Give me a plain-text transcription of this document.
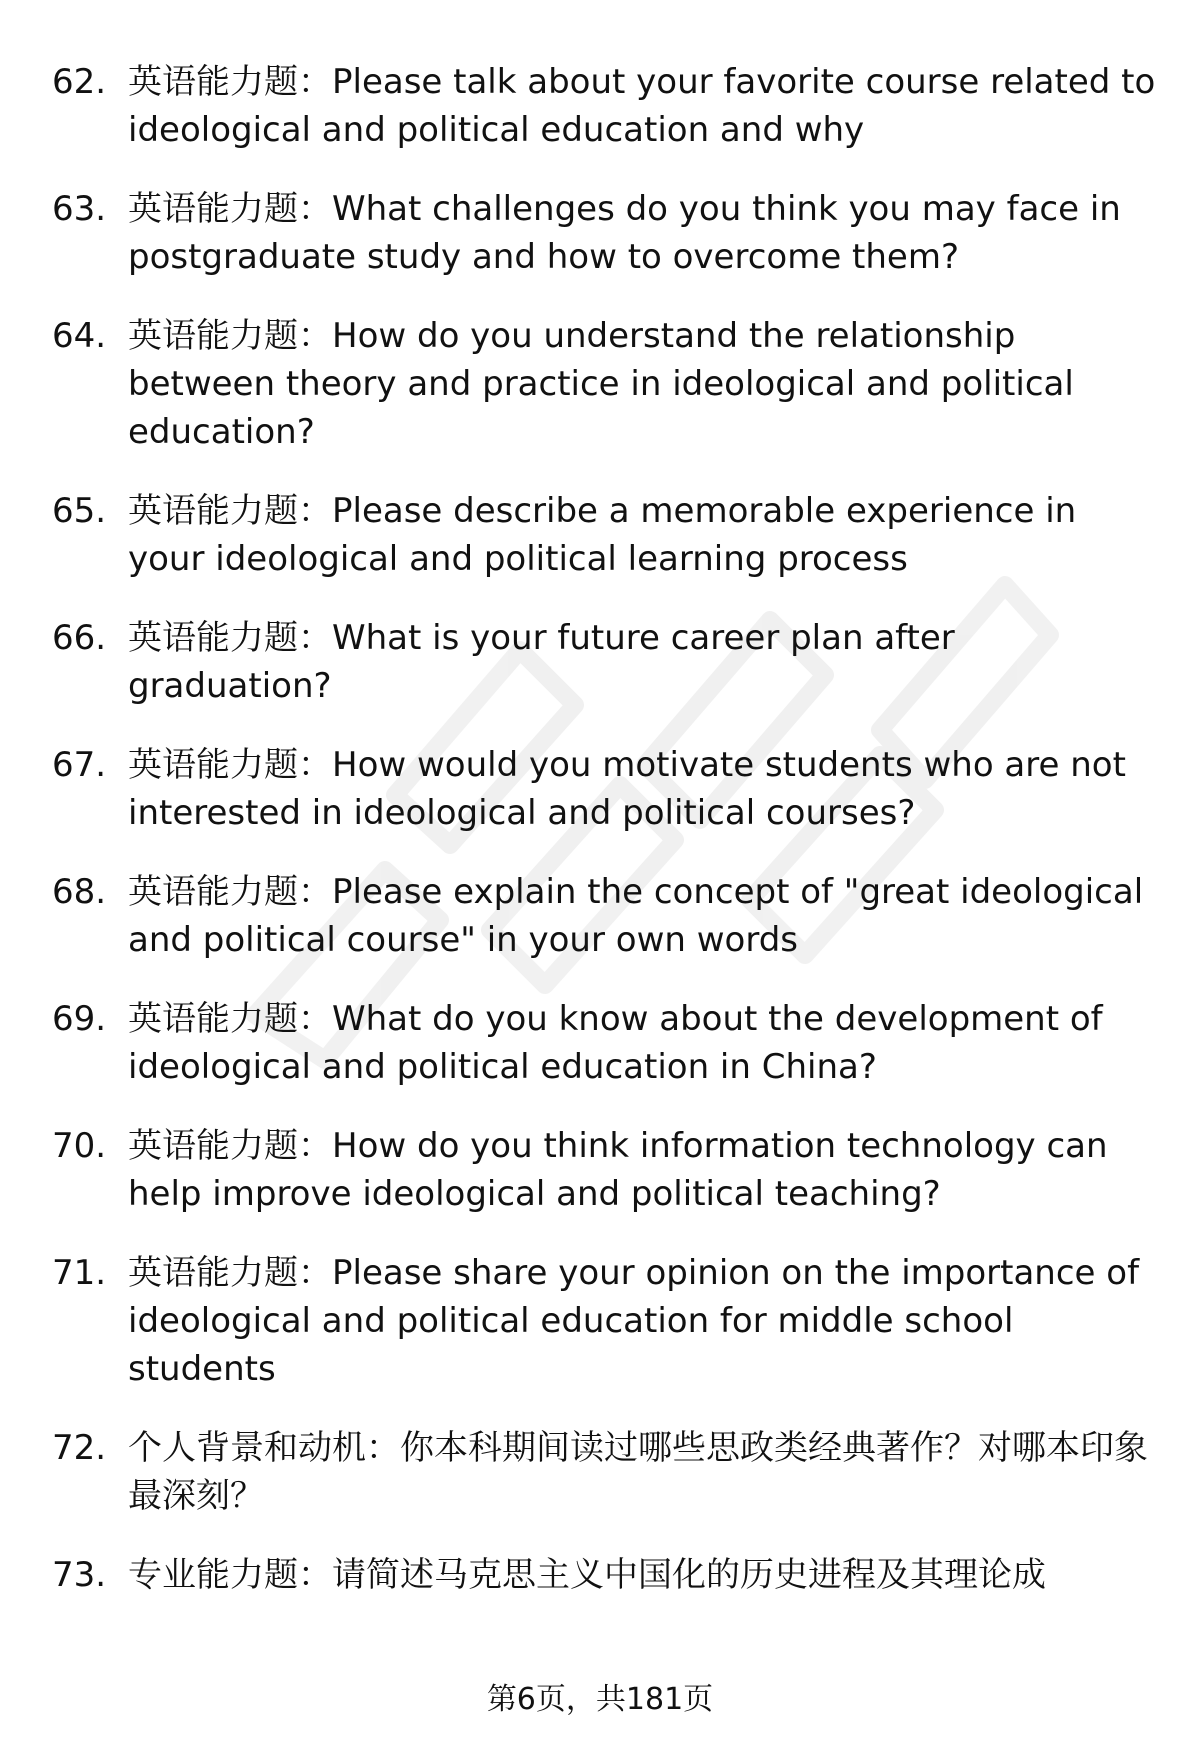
62. 英语能力题：Please talk about your favorite course related to ideological and political education and why
63. 英语能力题：What challenges do you think you may face in postgraduate study and how to overcome them?
64. 英语能力题：How do you understand the relationship between theory and practice in ideological and political education?
65. 英语能力题：Please describe a memorable experience in your ideological and political learning process
66. 英语能力题：What is your future career plan after graduation?
67. 英语能力题：How would you motivate students who are not interested in ideological and political courses?
68. 英语能力题：Please explain the concept of "great ideological and political course" in your own words
69. 英语能力题：What do you know about the development of ideological and political education in China?
70. 英语能力题：How do you think information technology can help improve ideological and political teaching?
71. 英语能力题：Please share your opinion on the importance of ideological and political education for middle school students
72. 个人背景和动机：你本科期间读过哪些思政类经典著作？对哪本印象最深刻？
73. 专业能力题：请简述马克思主义中国化的历史进程及其理论成
第6页，共181页
